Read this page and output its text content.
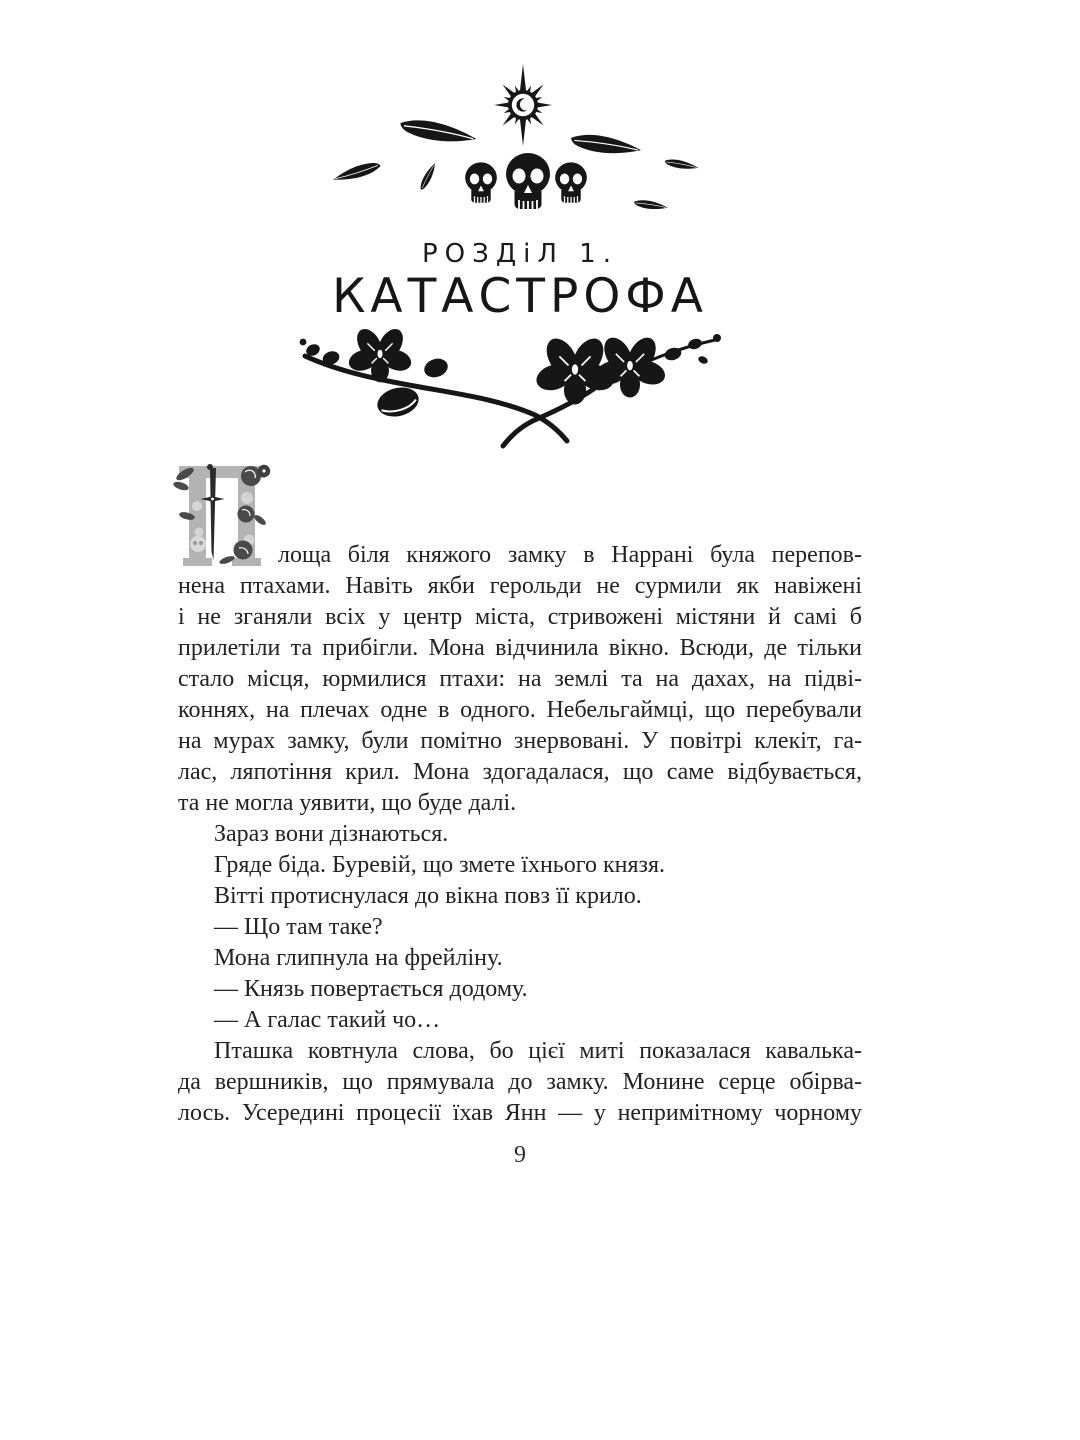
РОЗДіЛ 1.
КАТАСТРОФА
лоща біля княжого замку в Наррані була перепов-
нена птахами. Навіть якби герольди не сурмили як навіжені
і не зганяли всіх у центр міста, стривожені містяни й самі б
прилетіли та прибігли. Мона відчинила вікно. Всюди, де тільки
стало місця, юрмилися птахи: на землі та на дахах, на підві-
коннях, на плечах одне в одного. Небельгаймці, що перебували
на мурах замку, були помітно знервовані. У повітрі клекіт, га-
лас, ляпотіння крил. Мона здогадалася, що саме відбувається,
та не могла уявити, що буде далі.
Зараз вони дізнаються.
Гряде біда. Буревій, що змете їхнього князя.
Вітті протиснулася до вікна повз її крило.
— Що там таке?
Мона глипнула на фрейліну.
— Князь повертається додому.
— А галас такий чо…
Пташка ковтнула слова, бо цієї миті показалася кавалька-
да вершників, що прямувала до замку. Монине серце обірва-
лось. Усередині процесії їхав Янн — у непримітному чорному
9
